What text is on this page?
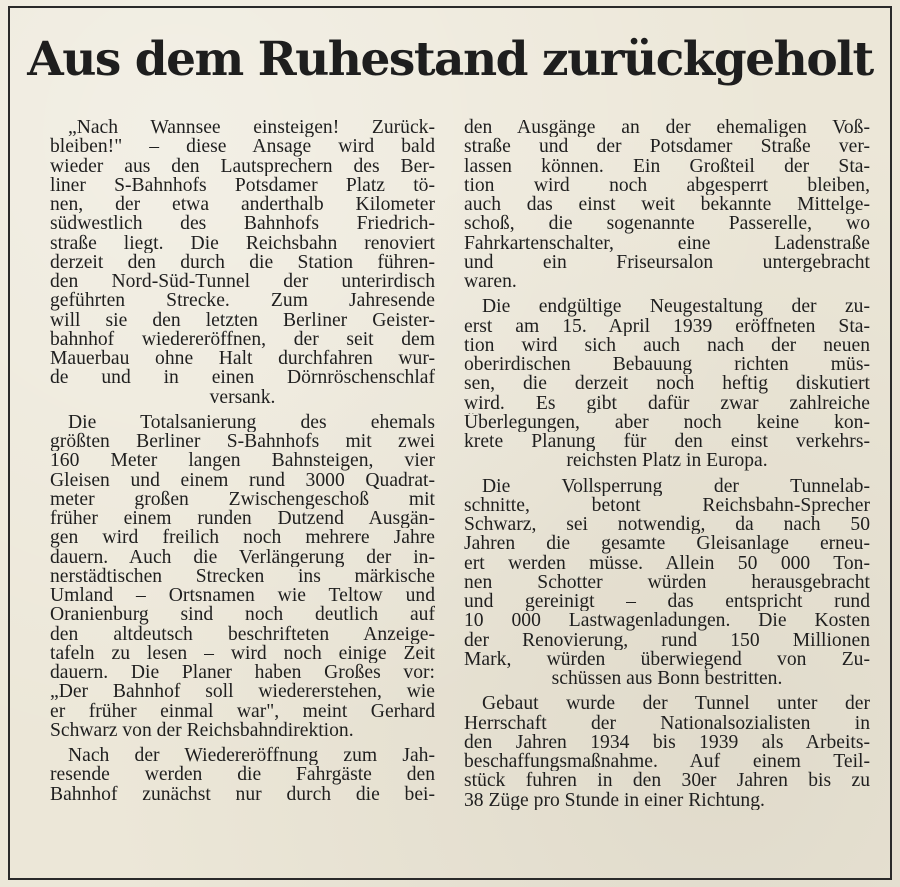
Aus dem Ruhestand zurückgeholt
„Nach Wannsee einsteigen! Zurück-
bleiben!" – diese Ansage wird bald
wieder aus den Lautsprechern des Ber-
liner S-Bahnhofs Potsdamer Platz tö-
nen, der etwa anderthalb Kilometer
südwestlich des Bahnhofs Friedrich-
straße liegt. Die Reichsbahn renoviert
derzeit den durch die Station führen-
den Nord-Süd-Tunnel der unterirdisch
geführten Strecke. Zum Jahresende
will sie den letzten Berliner Geister-
bahnhof wiedereröffnen, der seit dem
Mauerbau ohne Halt durchfahren wur-
de und in einen Dörnröschenschlaf
versank.
Die Totalsanierung des ehemals
größten Berliner S-Bahnhofs mit zwei
160 Meter langen Bahnsteigen, vier
Gleisen und einem rund 3000 Quadrat-
meter großen Zwischengeschoß mit
früher einem runden Dutzend Ausgän-
gen wird freilich noch mehrere Jahre
dauern. Auch die Verlängerung der in-
nerstädtischen Strecken ins märkische
Umland – Ortsnamen wie Teltow und
Oranienburg sind noch deutlich auf
den altdeutsch beschrifteten Anzeige-
tafeln zu lesen – wird noch einige Zeit
dauern. Die Planer haben Großes vor:
„Der Bahnhof soll wiedererstehen, wie
er früher einmal war", meint Gerhard
Schwarz von der Reichsbahndirektion.
Nach der Wiedereröffnung zum Jah-
resende werden die Fahrgäste den
Bahnhof zunächst nur durch die bei-
den Ausgänge an der ehemaligen Voß-
straße und der Potsdamer Straße ver-
lassen können. Ein Großteil der Sta-
tion wird noch abgesperrt bleiben,
auch das einst weit bekannte Mittelge-
schoß, die sogenannte Passerelle, wo
Fahrkartenschalter, eine Ladenstraße
und ein Friseursalon untergebracht
waren.
Die endgültige Neugestaltung der zu-
erst am 15. April 1939 eröffneten Sta-
tion wird sich auch nach der neuen
oberirdischen Bebauung richten müs-
sen, die derzeit noch heftig diskutiert
wird. Es gibt dafür zwar zahlreiche
Überlegungen, aber noch keine kon-
krete Planung für den einst verkehrs-
reichsten Platz in Europa.
Die Vollsperrung der Tunnelab-
schnitte, betont Reichsbahn-Sprecher
Schwarz, sei notwendig, da nach 50
Jahren die gesamte Gleisanlage erneu-
ert werden müsse. Allein 50 000 Ton-
nen Schotter würden herausgebracht
und gereinigt – das entspricht rund
10 000 Lastwagenladungen. Die Kosten
der Renovierung, rund 150 Millionen
Mark, würden überwiegend von Zu-
schüssen aus Bonn bestritten.
Gebaut wurde der Tunnel unter der
Herrschaft der Nationalsozialisten in
den Jahren 1934 bis 1939 als Arbeits-
beschaffungsmaßnahme. Auf einem Teil-
stück fuhren in den 30er Jahren bis zu
38 Züge pro Stunde in einer Richtung.
